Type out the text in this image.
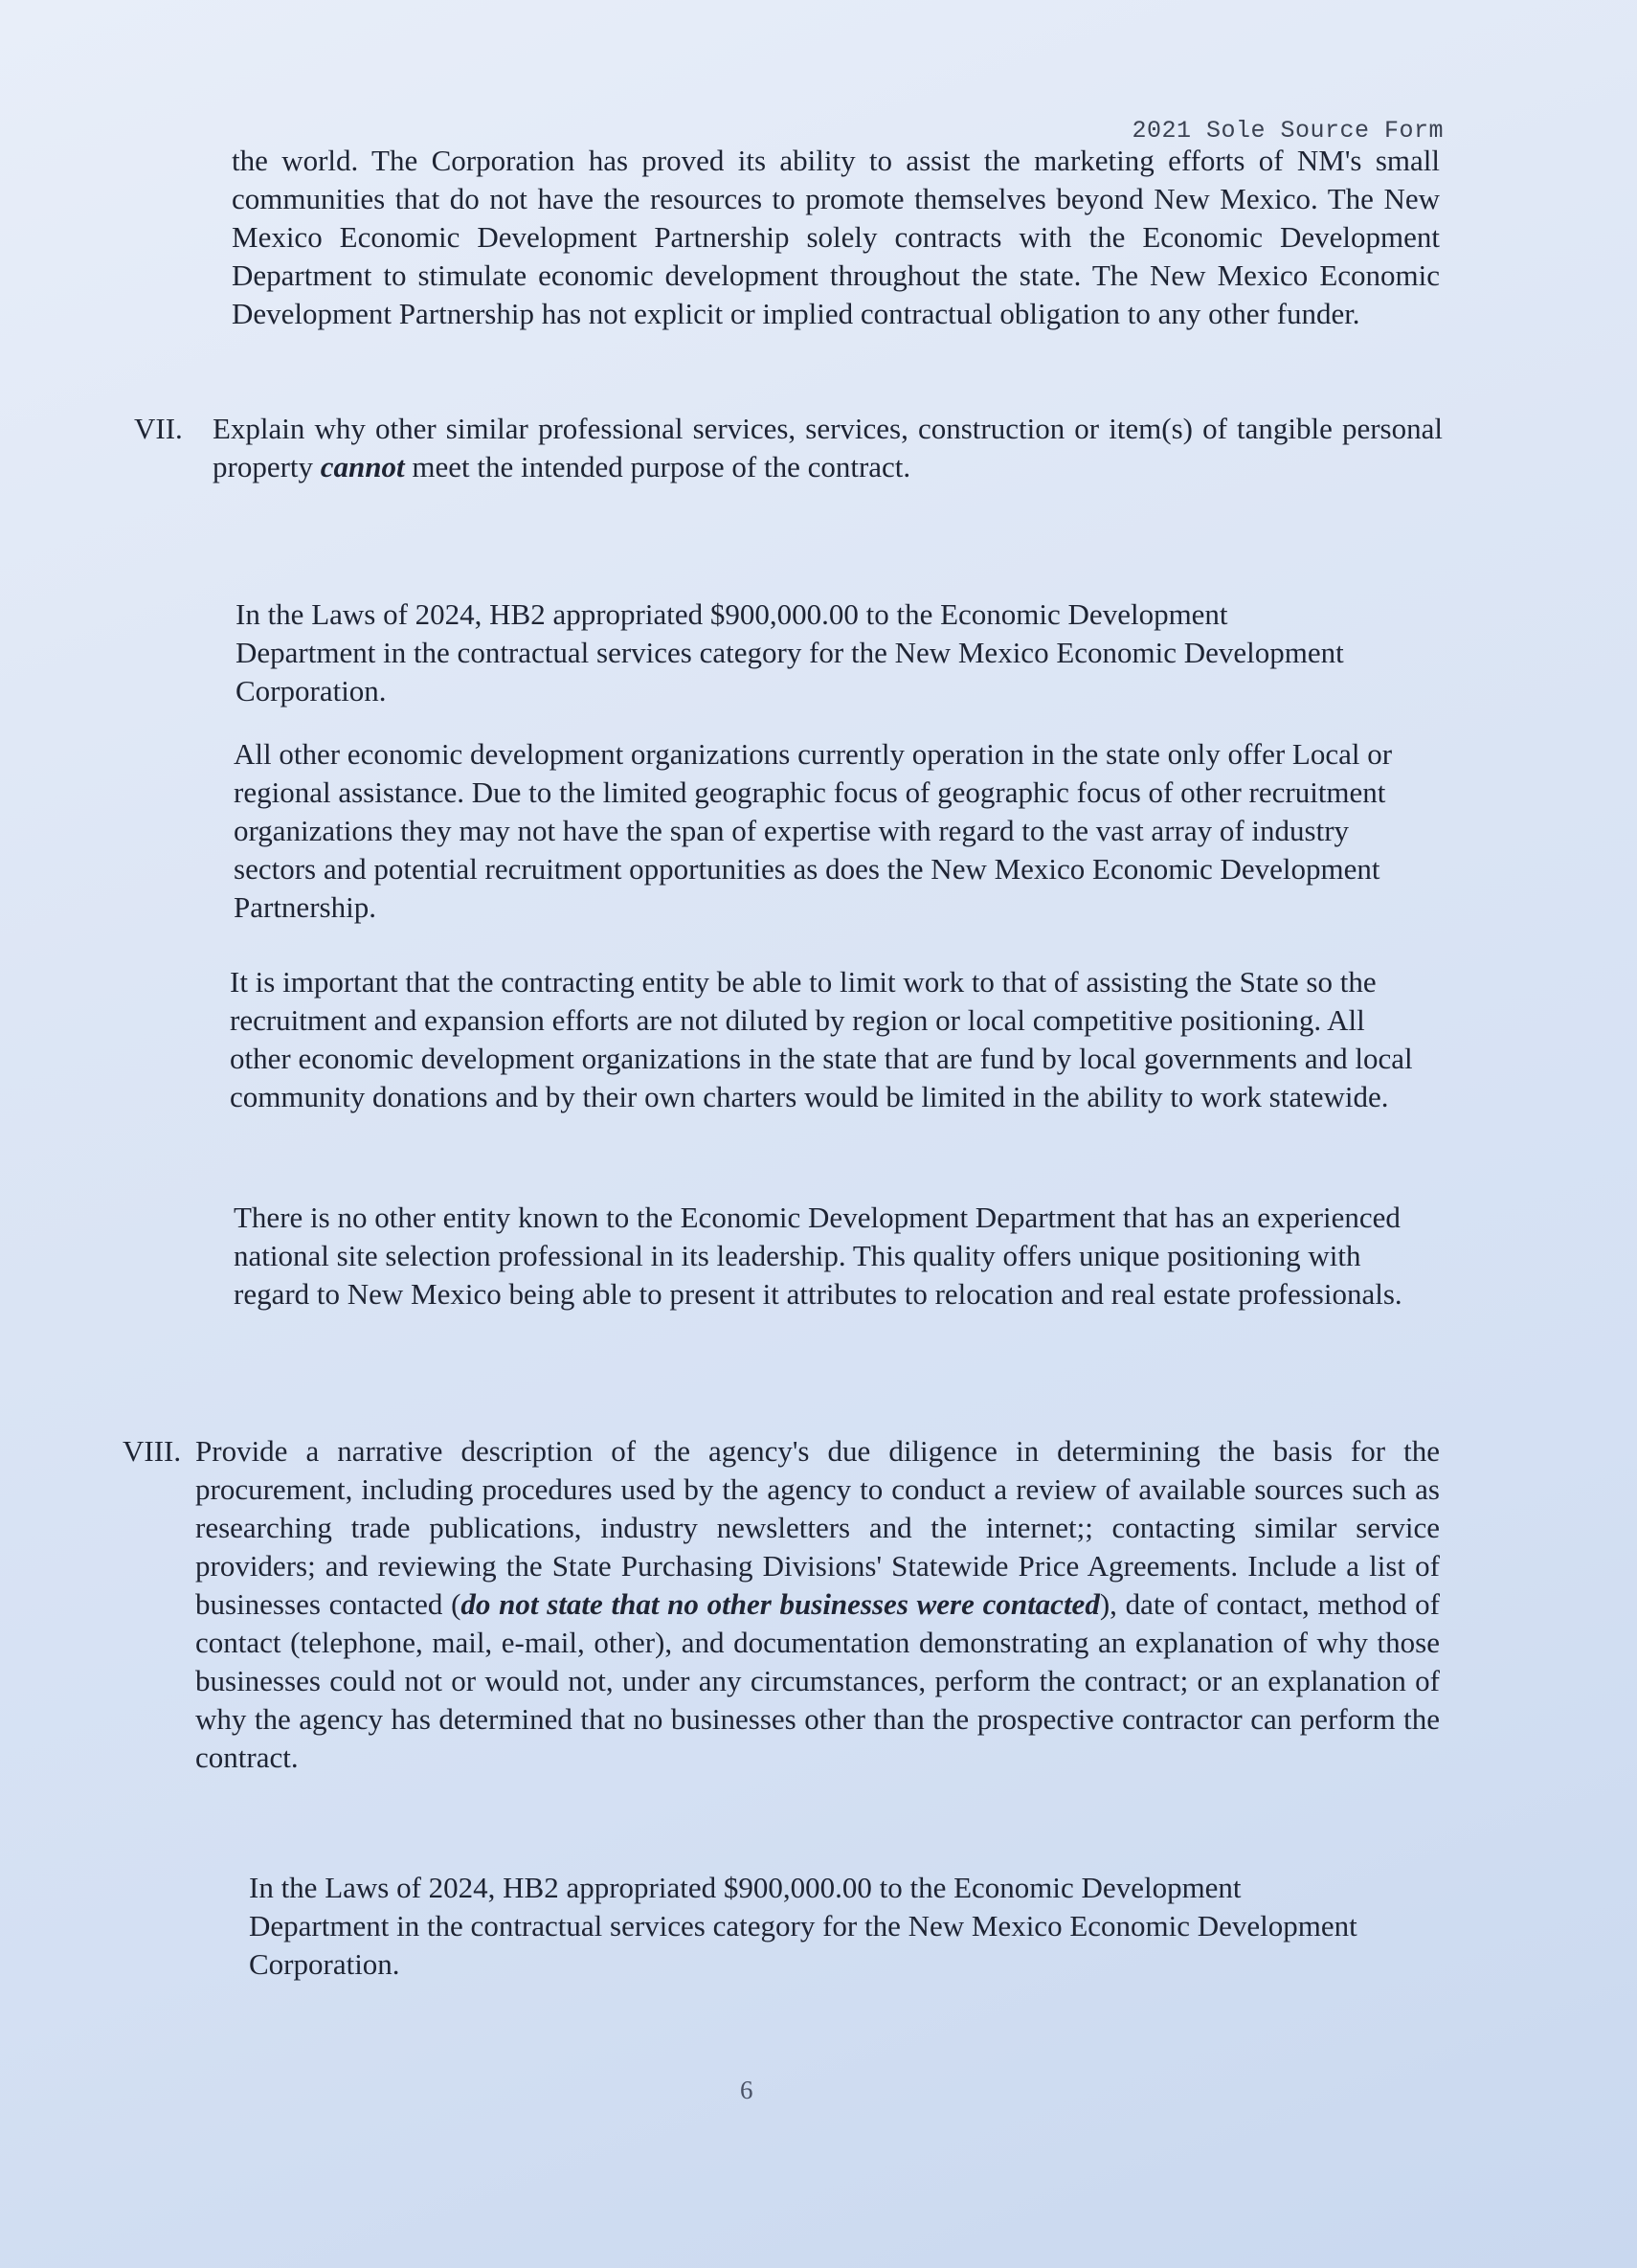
2021 Sole Source Form

the world. The Corporation has proved its ability to assist the marketing efforts of NM's small communities that do not have the resources to promote themselves beyond New Mexico. The New Mexico Economic Development Partnership solely contracts with the Economic Development Department to stimulate economic development throughout the state. The New Mexico Economic Development Partnership has not explicit or implied contractual obligation to any other funder.

VII. Explain why other similar professional services, services, construction or item(s) of tangible personal property cannot meet the intended purpose of the contract.

In the Laws of 2024, HB2 appropriated $900,000.00 to the Economic Development Department in the contractual services category for the New Mexico Economic Development Corporation.

All other economic development organizations currently operation in the state only offer Local or regional assistance. Due to the limited geographic focus of geographic focus of other recruitment organizations they may not have the span of expertise with regard to the vast array of industry sectors and potential recruitment opportunities as does the New Mexico Economic Development Partnership.

It is important that the contracting entity be able to limit work to that of assisting the State so the recruitment and expansion efforts are not diluted by region or local competitive positioning. All other economic development organizations in the state that are fund by local governments and local community donations and by their own charters would be limited in the ability to work statewide.

There is no other entity known to the Economic Development Department that has an experienced national site selection professional in its leadership. This quality offers unique positioning with regard to New Mexico being able to present it attributes to relocation and real estate professionals.

VIII. Provide a narrative description of the agency's due diligence in determining the basis for the procurement, including procedures used by the agency to conduct a review of available sources such as researching trade publications, industry newsletters and the internet;; contacting similar service providers; and reviewing the State Purchasing Divisions' Statewide Price Agreements. Include a list of businesses contacted (do not state that no other businesses were contacted), date of contact, method of contact (telephone, mail, e-mail, other), and documentation demonstrating an explanation of why those businesses could not or would not, under any circumstances, perform the contract; or an explanation of why the agency has determined that no businesses other than the prospective contractor can perform the contract.

In the Laws of 2024, HB2 appropriated $900,000.00 to the Economic Development Department in the contractual services category for the New Mexico Economic Development Corporation.

6
